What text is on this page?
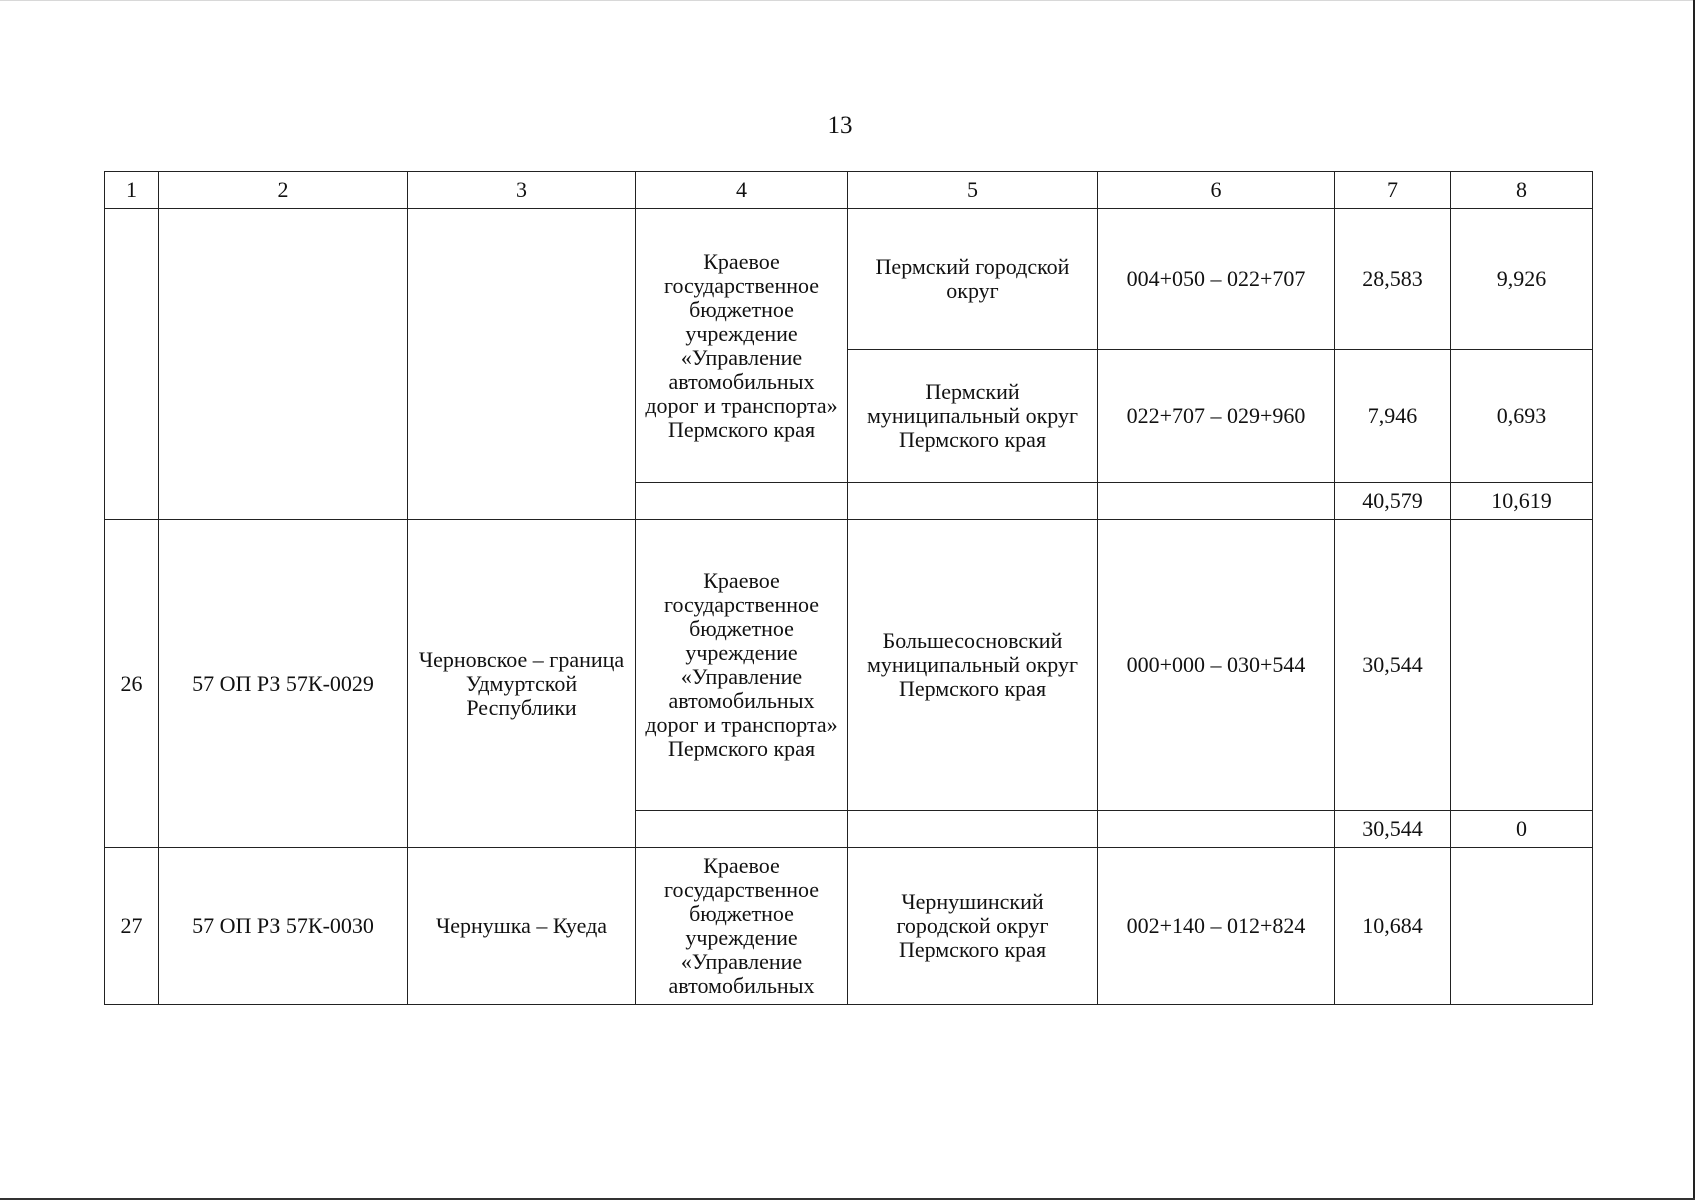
13
1	2	3	4	5	6	7	8
			Краевое государственное бюджетное учреждение «Управление автомобильных дорог и транспорта» Пермского края	Пермский городской округ	004+050 – 022+707	28,583	9,926
				Пермский муниципальный округ Пермского края	022+707 – 029+960	7,946	0,693
						40,579	10,619
26	57 ОП РЗ 57К-0029	Черновское – граница Удмуртской Республики	Краевое государственное бюджетное учреждение «Управление автомобильных дорог и транспорта» Пермского края	Большесосновский муниципальный округ Пермского края	000+000 – 030+544	30,544	
						30,544	0
27	57 ОП РЗ 57К-0030	Чернушка – Куеда	Краевое государственное бюджетное учреждение «Управление автомобильных	Чернушинский городской округ Пермского края	002+140 – 012+824	10,684	
